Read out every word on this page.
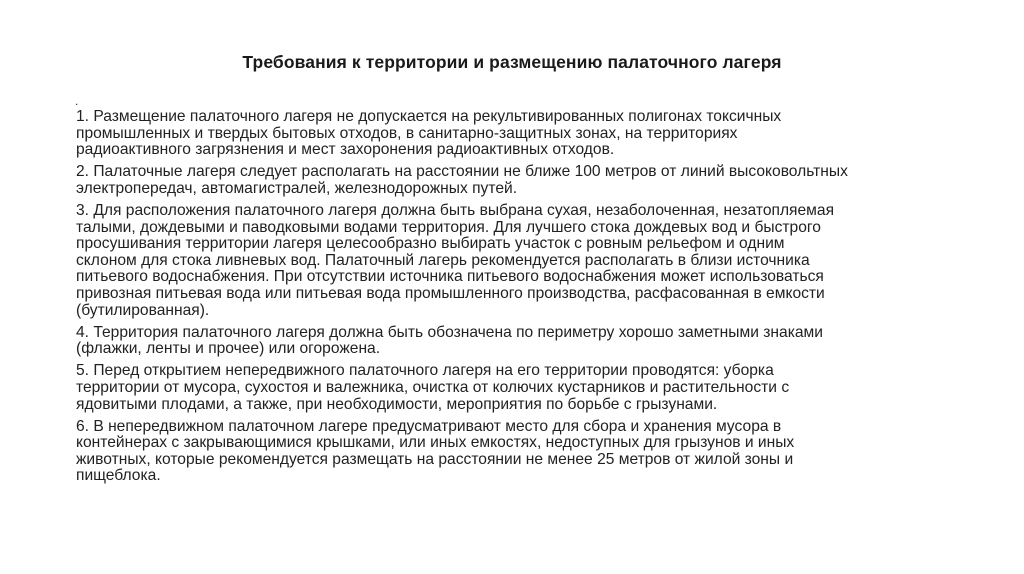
Требования к территории и размещению палаточного лагеря
.

1. Размещение палаточного лагеря не допускается на рекультивированных полигонах токсичных
промышленных и твердых бытовых отходов, в санитарно-защитных зонах, на территориях
радиоактивного загрязнения и мест захоронения радиоактивных отходов.

2. Палаточные лагеря следует располагать на расстоянии не ближе 100 метров от линий высоковольтных
электропередач, автомагистралей, железнодорожных путей.

3. Для расположения палаточного лагеря должна быть выбрана сухая, незаболоченная, незатопляемая
талыми, дождевыми и паводковыми водами территория. Для лучшего стока дождевых вод и быстрого
просушивания территории лагеря целесообразно выбирать участок с ровным рельефом и одним
склоном для стока ливневых вод. Палаточный лагерь рекомендуется располагать в близи источника
питьевого водоснабжения. При отсутствии источника питьевого водоснабжения может использоваться
привозная питьевая вода или питьевая вода промышленного производства, расфасованная в емкости
(бутилированная).

4. Территория палаточного лагеря должна быть обозначена по периметру хорошо заметными знаками
(флажки, ленты и прочее) или огорожена.

5. Перед открытием непередвижного палаточного лагеря на его территории проводятся: уборка
территории от мусора, сухостоя и валежника, очистка от колючих кустарников и растительности с
ядовитыми плодами, а также, при необходимости, мероприятия по борьбе с грызунами.

6. В непередвижном палаточном лагере предусматривают место для сбора и хранения мусора в
контейнерах с закрывающимися крышками, или иных емкостях, недоступных для грызунов и иных
животных, которые рекомендуется размещать на расстоянии не менее 25 метров от жилой зоны и
пищеблока.
